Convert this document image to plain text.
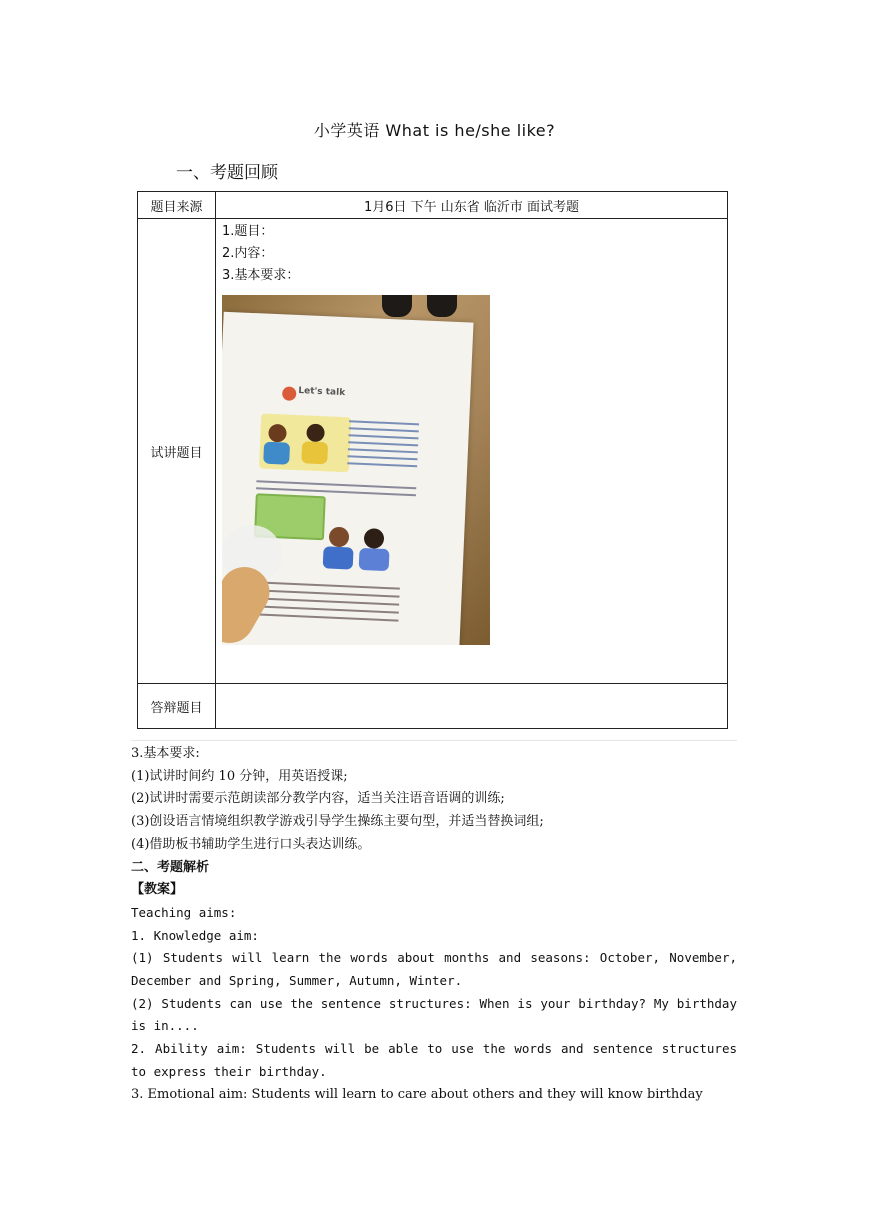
小学英语 What is he/she like?
一、考题回顾
题目来源	1月6日 下午 山东省 临沂市 面试考题
试讲题目	1.题目：
2.内容：
3.基本要求：
Let's talk

答辩题目	

3.基本要求:

(1)试讲时间约 10 分钟，用英语授课;

(2)试讲时需要示范朗读部分教学内容，适当关注语音语调的训练;

(3)创设语言情境组织教学游戏引导学生操练主要句型，并适当替换词组;

(4)借助板书辅助学生进行口头表达训练。

二、考题解析

【教案】

Teaching aims:

1. Knowledge aim:

(1) Students will learn the words about months and seasons: October, November, December and Spring, Summer, Autumn, Winter.

(2) Students can use the sentence structures: When is your birthday? My birthday is in....

2. Ability aim: Students will be able to use the words and sentence structures to express their birthday.

3. Emotional aim: Students will learn to care about others and they will know birthday
